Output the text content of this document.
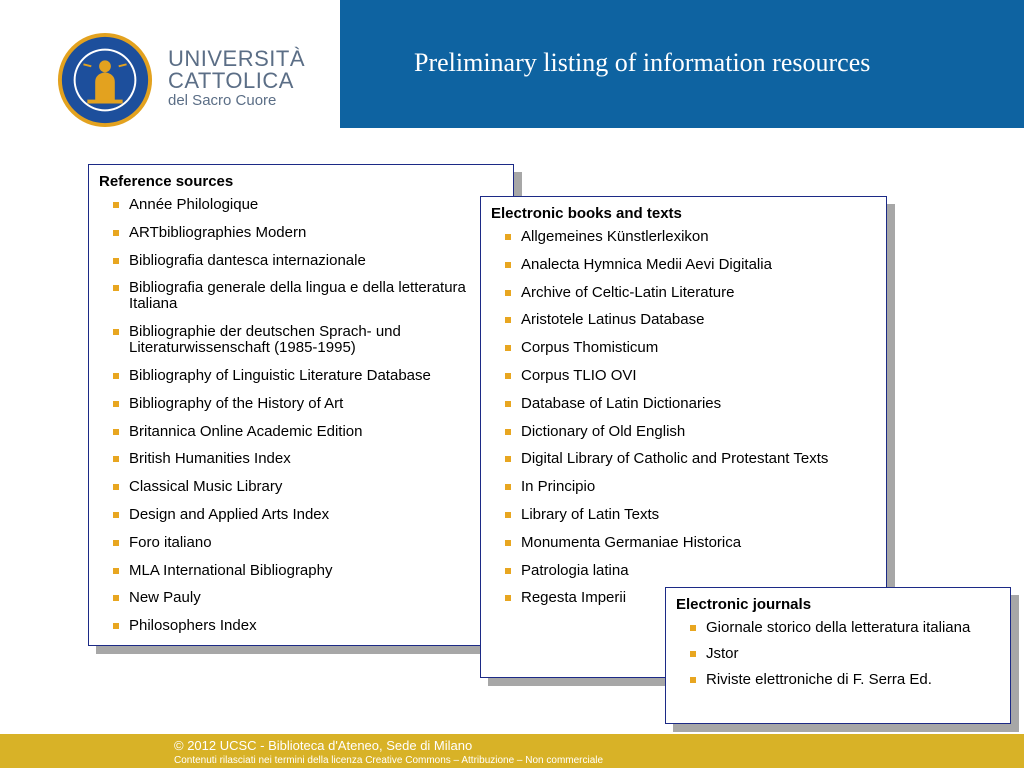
UNIVERSITÀ
CATTOLICA
del Sacro Cuore
Preliminary listing of information resources
Reference sources
Année Philologique
ARTbibliographies Modern
Bibliografia dantesca internazionale
Bibliografia generale della lingua e della letteratura Italiana
Bibliographie der deutschen Sprach- und Literaturwissenschaft (1985-1995)
Bibliography of Linguistic Literature Database
Bibliography of the History of Art
Britannica Online Academic Edition
British Humanities Index
Classical Music Library
Design and Applied Arts Index
Foro italiano
MLA International Bibliography
New Pauly
Philosophers Index
Electronic books and texts
Allgemeines Künstlerlexikon
Analecta Hymnica Medii Aevi Digitalia
Archive of Celtic-Latin Literature
Aristotele Latinus Database
Corpus Thomisticum
Corpus TLIO OVI
Database of Latin Dictionaries
Dictionary of Old English
Digital Library of Catholic and Protestant Texts
In Principio
Library of Latin Texts
Monumenta Germaniae Historica
Patrologia latina
Regesta Imperii	Electronic journals
Giornale storico della letteratura italiana
Jstor
Riviste elettroniche di F. Serra Ed.
© 2012 UCSC - Biblioteca d'Ateneo, Sede di Milano
Contenuti rilasciati nei termini della licenza Creative Commons – Attribuzione – Non commerciale
